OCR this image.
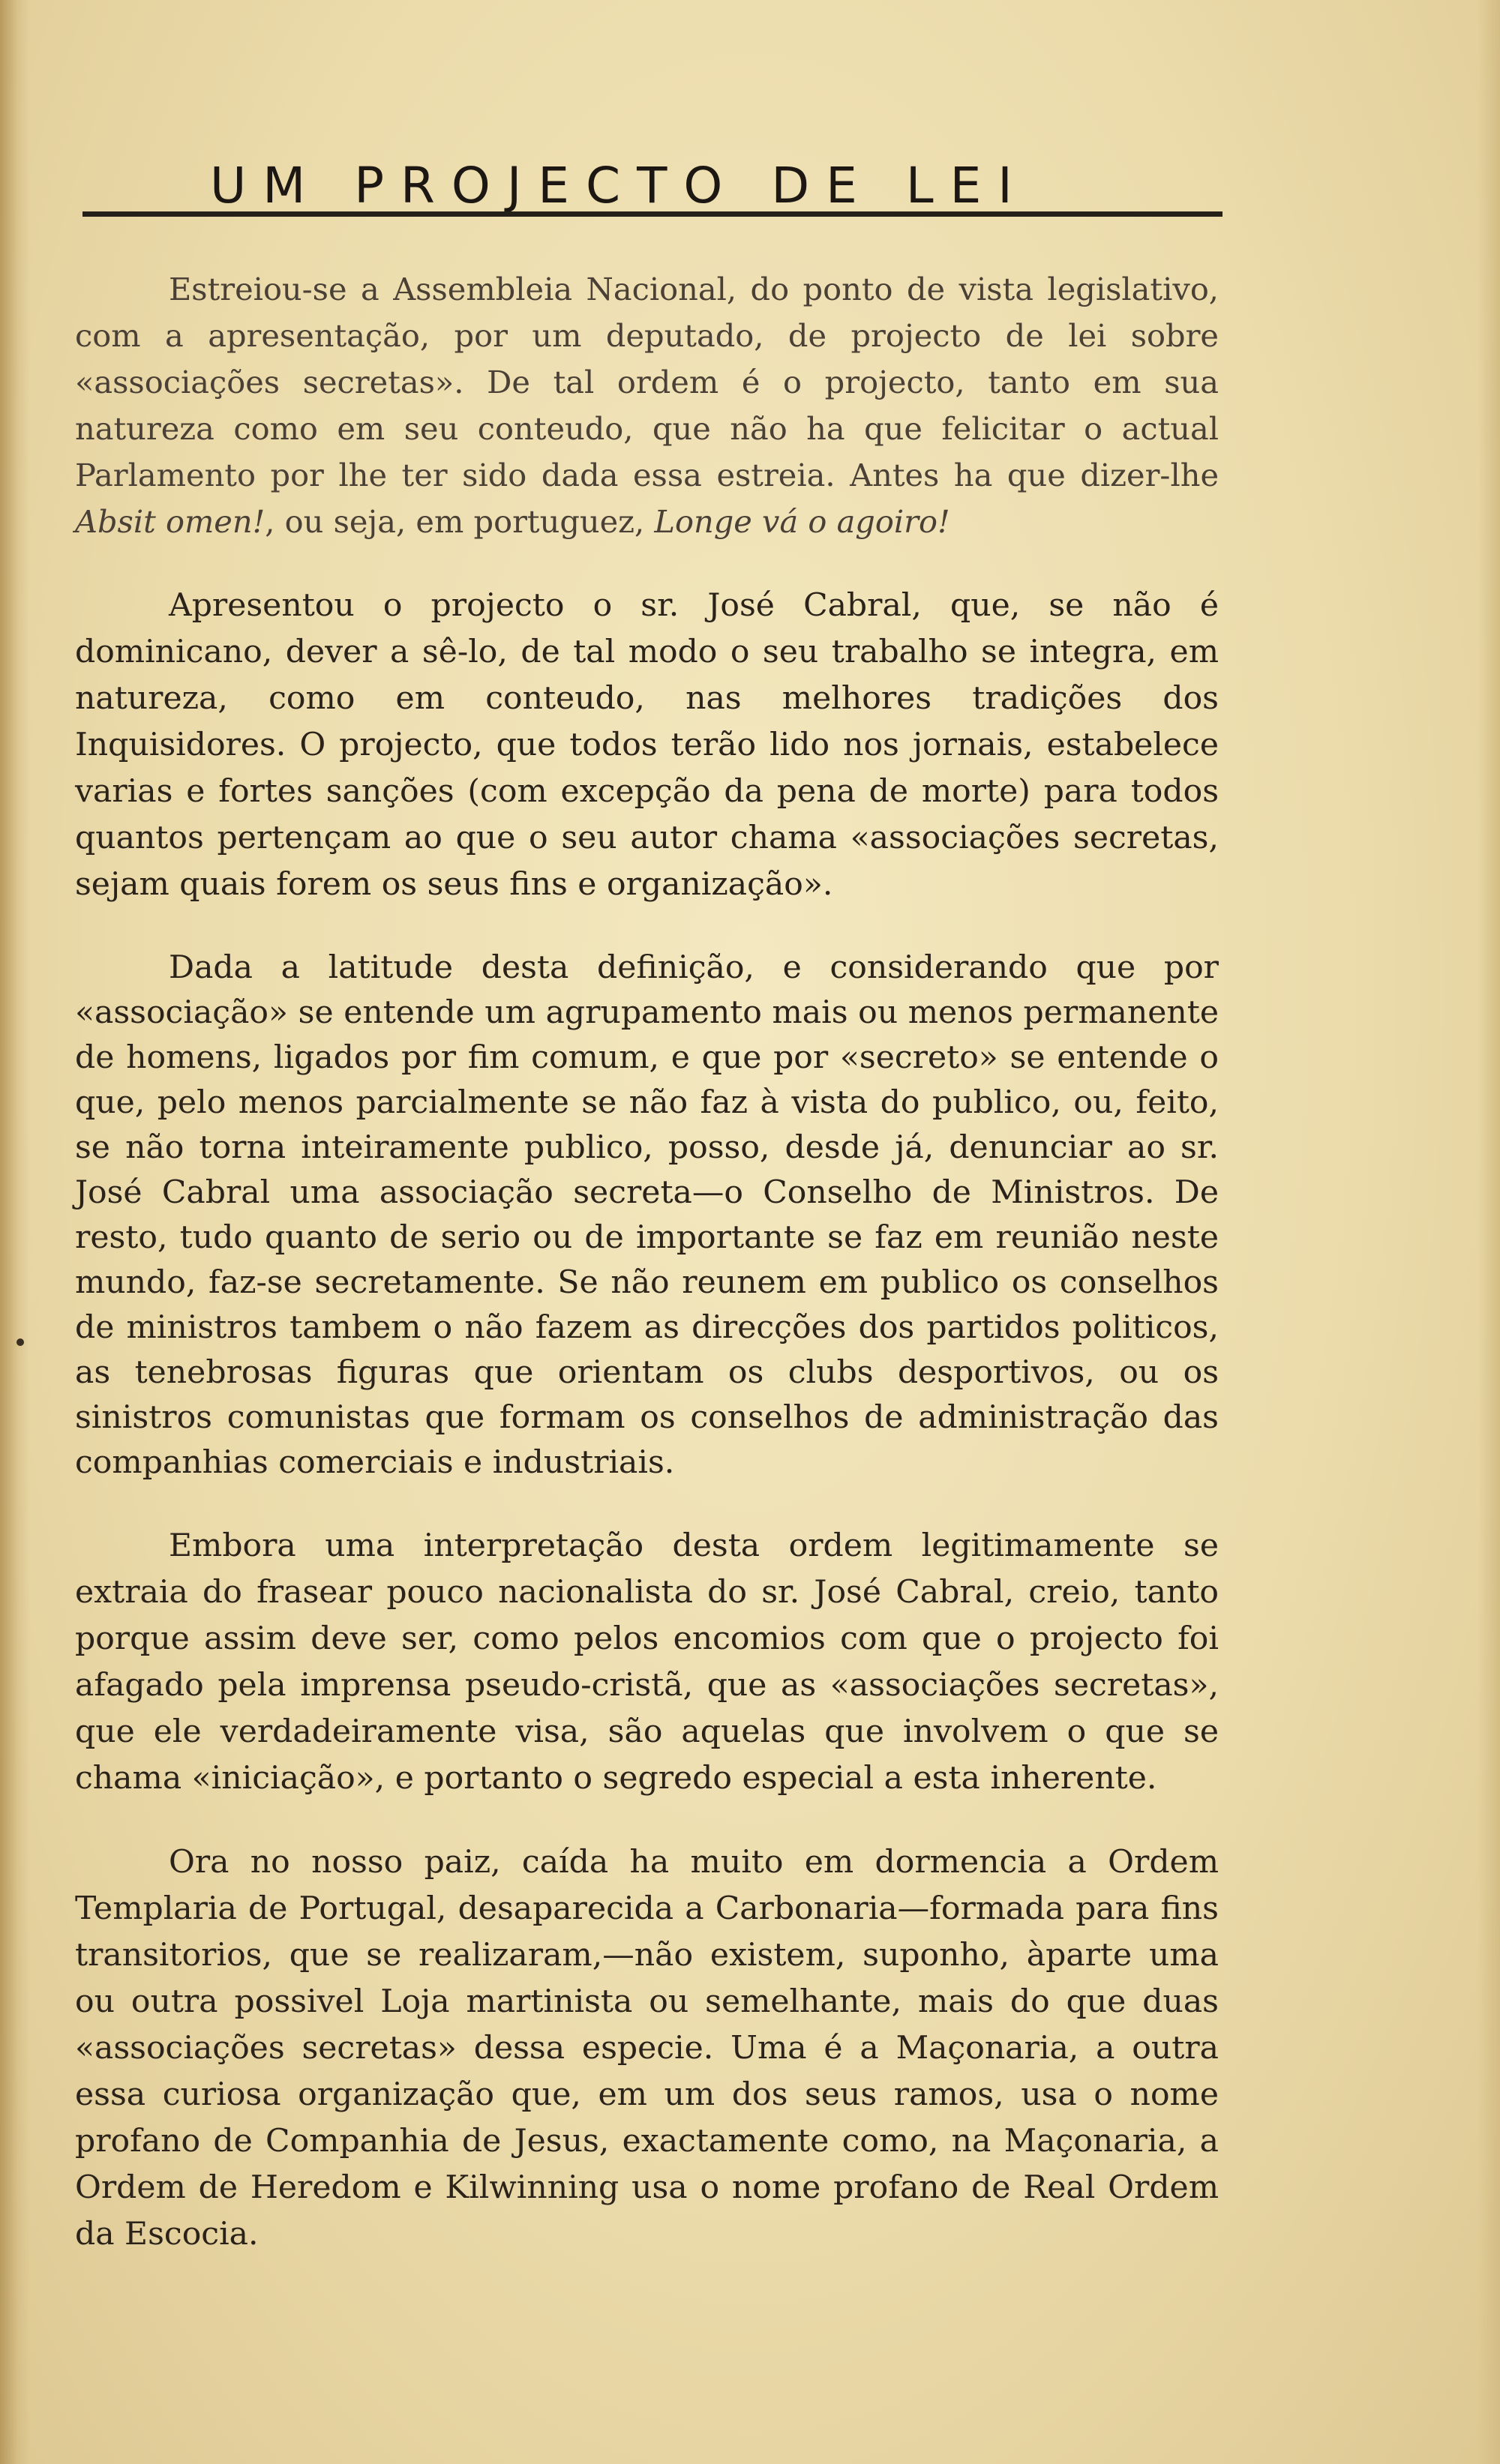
UM PROJECTO DE LEI

Estreiou-se a Assembleia Nacional, do ponto de vista legislativo, com a apresentação, por um deputado, de projecto de lei sobre «associações secretas». De tal ordem é o projecto, tanto em sua natureza como em seu conteudo, que não ha que felicitar o actual Parlamento por lhe ter sido dada essa estreia. Antes ha que dizer-lhe Absit omen!, ou seja, em portuguez, Longe vá o agoiro!

Apresentou o projecto o sr. José Cabral, que, se não é dominicano, dever a sê-lo, de tal modo o seu trabalho se integra, em natureza, como em conteudo, nas melhores tradições dos Inquisidores. O projecto, que todos terão lido nos jornais, estabelece varias e fortes sanções (com excepção da pena de morte) para todos quantos pertençam ao que o seu autor chama «associações secretas, sejam quais forem os seus fins e organização».

Dada a latitude desta definição, e considerando que por «associação» se entende um agrupamento mais ou menos permanente de homens, ligados por fim comum, e que por «secreto» se entende o que, pelo menos parcialmente se não faz à vista do publico, ou, feito, se não torna inteiramente publico, posso, desde já, denunciar ao sr. José Cabral uma associação secreta—o Conselho de Ministros. De resto, tudo quanto de serio ou de importante se faz em reunião neste mundo, faz-se secretamente. Se não reunem em publico os conselhos de ministros tambem o não fazem as direcções dos partidos politicos, as tenebrosas figuras que orientam os clubs desportivos, ou os sinistros comunistas que formam os conselhos de administração das companhias comerciais e industriais.

Embora uma interpretação desta ordem legitimamente se extraia do frasear pouco nacionalista do sr. José Cabral, creio, tanto porque assim deve ser, como pelos encomios com que o projecto foi afagado pela imprensa pseudo-cristã, que as «associações secretas», que ele verdadeiramente visa, são aquelas que involvem o que se chama «iniciação», e portanto o segredo especial a esta inherente.

Ora no nosso paiz, caída ha muito em dormencia a Ordem Templaria de Portugal, desaparecida a Carbonaria—formada para fins transitorios, que se realizaram,—não existem, suponho, àparte uma ou outra possivel Loja martinista ou semelhante, mais do que duas «associações secretas» dessa especie. Uma é a Maçonaria, a outra essa curiosa organização que, em um dos seus ramos, usa o nome profano de Companhia de Jesus, exactamente como, na Maçonaria, a Ordem de Heredom e Kilwinning usa o nome profano de Real Ordem da Escocia.
